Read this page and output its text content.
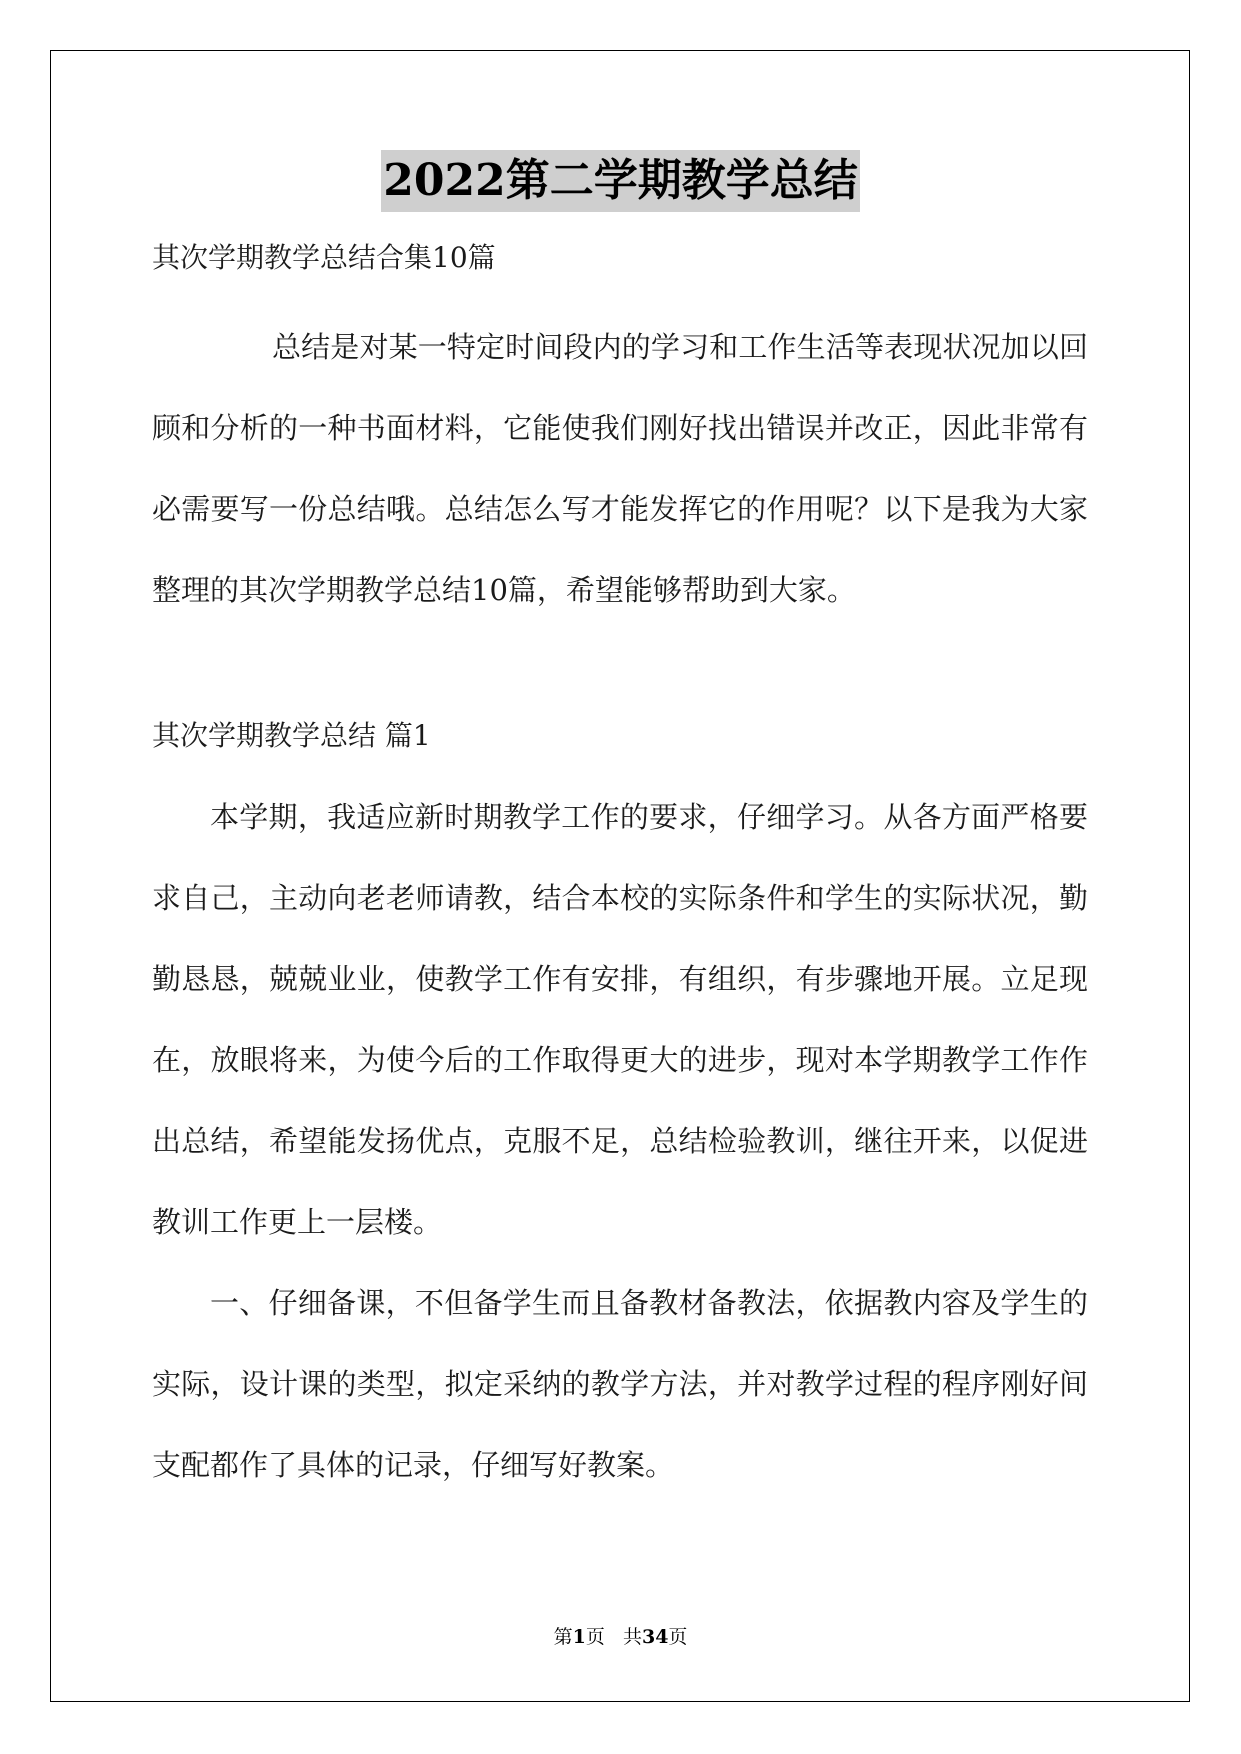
2022第二学期教学总结

其次学期教学总结合集10篇

总结是对某一特定时间段内的学习和工作生活等表现状况加以回顾和分析的一种书面材料，它能使我们刚好找出错误并改正，因此非常有必需要写一份总结哦。总结怎么写才能发挥它的作用呢？以下是我为大家整理的其次学期教学总结10篇，希望能够帮助到大家。

其次学期教学总结 篇1

本学期，我适应新时期教学工作的要求，仔细学习。从各方面严格要求自己，主动向老老师请教，结合本校的实际条件和学生的实际状况，勤勤恳恳，兢兢业业，使教学工作有安排，有组织，有步骤地开展。立足现在，放眼将来，为使今后的工作取得更大的进步，现对本学期教学工作作出总结，希望能发扬优点，克服不足，总结检验教训，继往开来，以促进教训工作更上一层楼。

一、仔细备课，不但备学生而且备教材备教法，依据教内容及学生的实际，设计课的类型，拟定采纳的教学方法，并对教学过程的程序刚好间支配都作了具体的记录，仔细写好教案。

第1页 共34页
